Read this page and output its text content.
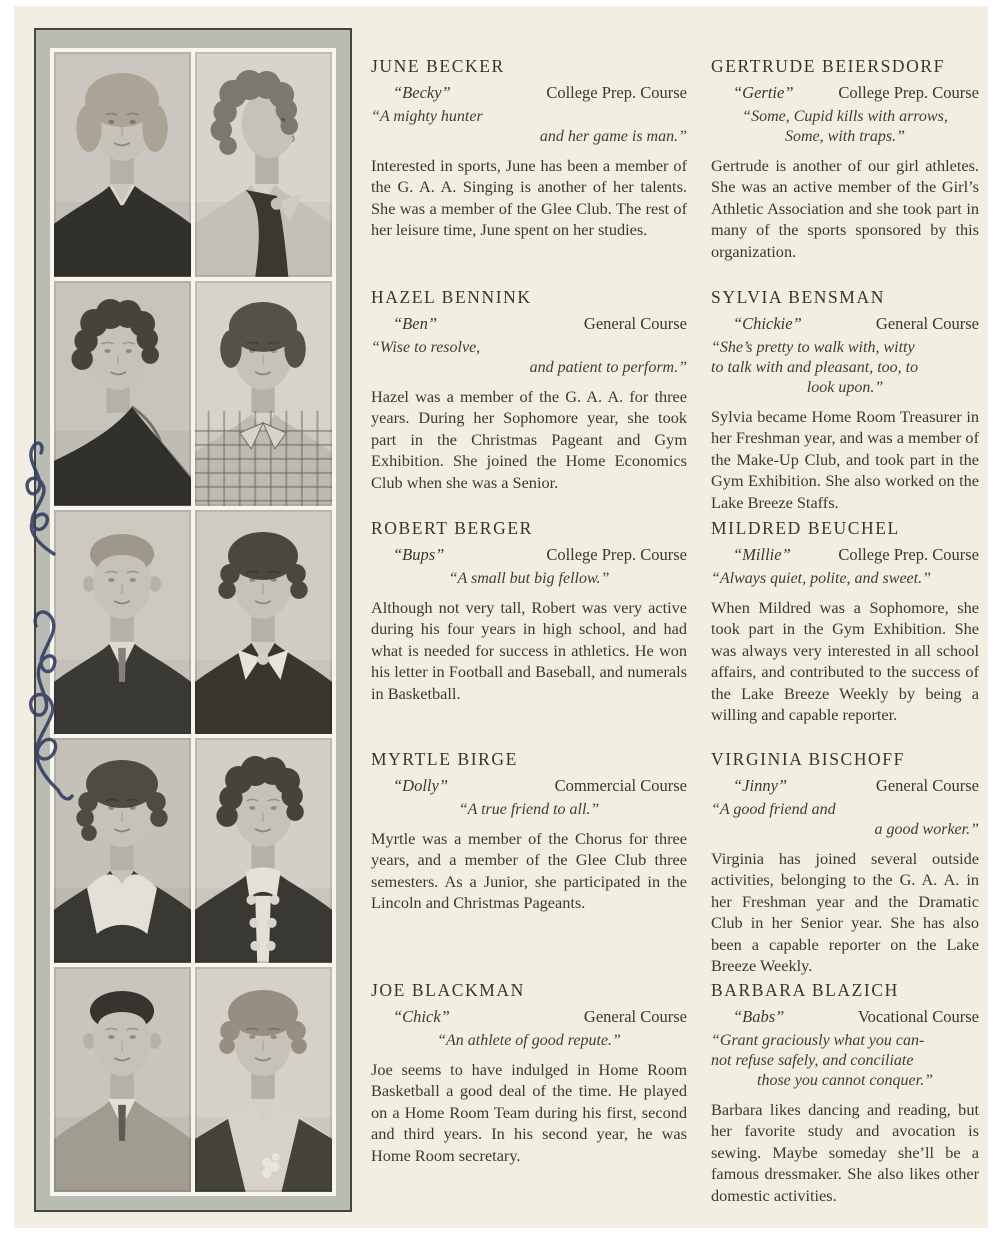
JUNE BECKER
“Becky”	College Prep. Course
“A mighty hunter
and her game is man.”

Interested in sports, June has been a member of the G. A. A. Singing is another of her talents. She was a member of the Glee Club. The rest of her leisure time, June spent on her studies.

HAZEL BENNINK
“Ben”	General Course
“Wise to resolve,
and patient to perform.”

Hazel was a member of the G. A. A. for three years. During her Sophomore year, she took part in the Christmas Pageant and Gym Exhibition. She joined the Home Economics Club when she was a Senior.

ROBERT BERGER
“Bups”	College Prep. Course
“A small but big fellow.”

Although not very tall, Robert was very active during his four years in high school, and had what is needed for success in athletics. He won his letter in Football and Baseball, and numerals in Basketball.

MYRTLE BIRGE
“Dolly”	Commercial Course
“A true friend to all.”

Myrtle was a member of the Chorus for three years, and a member of the Glee Club three semesters. As a Junior, she participated in the Lincoln and Christmas Pageants.

JOE BLACKMAN
“Chick”	General Course
“An athlete of good repute.”

Joe seems to have indulged in Home Room Basketball a good deal of the time. He played on a Home Room Team during his first, second and third years. In his second year, he was Home Room secretary.

GERTRUDE BEIERSDORF
“Gertie”	College Prep. Course
“Some, Cupid kills with arrows,
Some, with traps.”

Gertrude is another of our girl athletes. She was an active member of the Girl’s Athletic Association and she took part in many of the sports sponsored by this organization.

SYLVIA BENSMAN
“Chickie”	General Course
“She’s pretty to walk with, witty
to talk with and pleasant, too, to
look upon.”

Sylvia became Home Room Treasurer in her Freshman year, and was a member of the Make-Up Club, and took part in the Gym Exhibition. She also worked on the Lake Breeze Staffs.

MILDRED BEUCHEL
“Millie”	College Prep. Course
“Always quiet, polite, and sweet.”

When Mildred was a Sophomore, she took part in the Gym Exhibition. She was always very interested in all school affairs, and contributed to the success of the Lake Breeze Weekly by being a willing and capable reporter.

VIRGINIA BISCHOFF
“Jinny”	General Course
“A good friend and
a good worker.”

Virginia has joined several outside activities, belonging to the G. A. A. in her Freshman year and the Dramatic Club in her Senior year. She has also been a capable reporter on the Lake Breeze Weekly.

BARBARA BLAZICH
“Babs”	Vocational Course
“Grant graciously what you can-
not refuse safely, and conciliate
those you cannot conquer.”

Barbara likes dancing and reading, but her favorite study and avocation is sewing. Maybe someday she’ll be a famous dressmaker. She also likes other domestic activities.
